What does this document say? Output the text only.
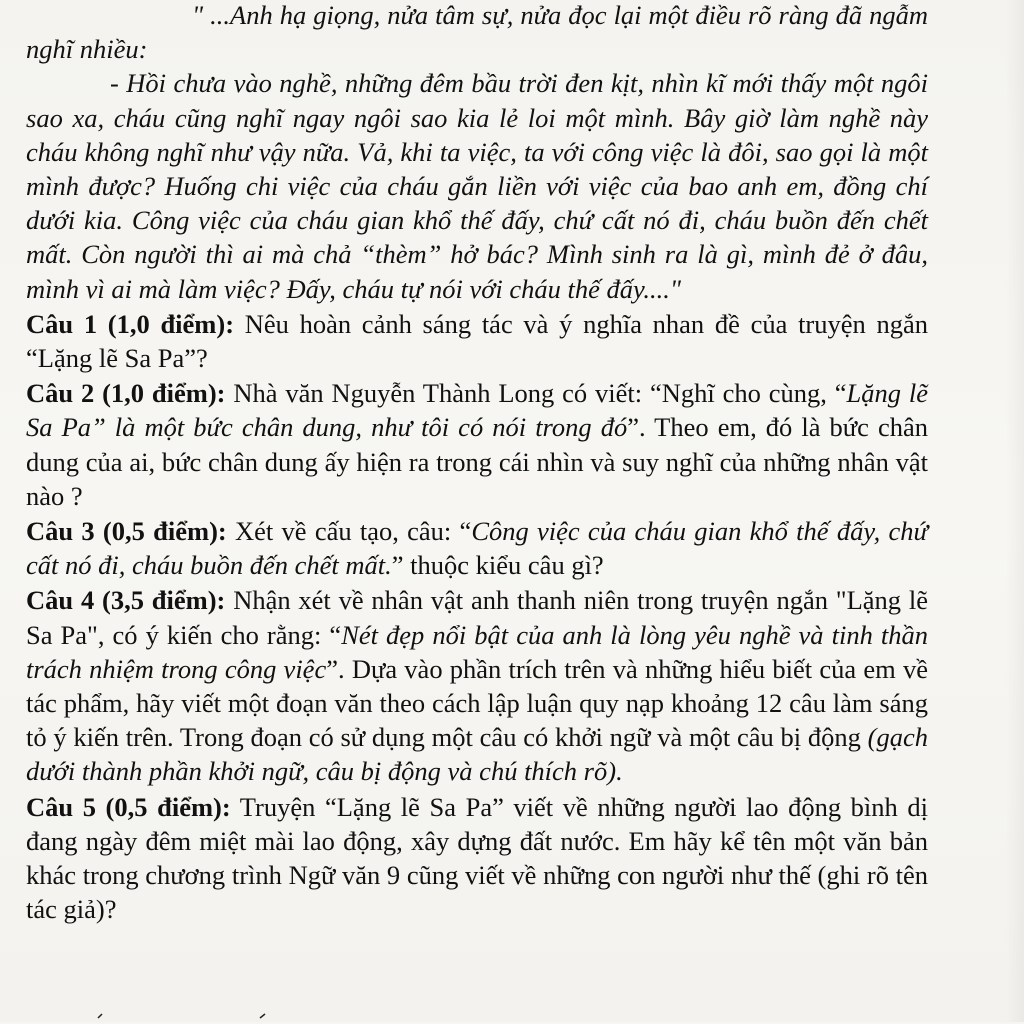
" ...Anh hạ giọng, nửa tâm sự, nửa đọc lại một điều rõ ràng đã ngẫm nghĩ nhiều:

- Hồi chưa vào nghề, những đêm bầu trời đen kịt, nhìn kĩ mới thấy một ngôi sao xa, cháu cũng nghĩ ngay ngôi sao kia lẻ loi một mình. Bây giờ làm nghề này cháu không nghĩ như vậy nữa. Vả, khi ta việc, ta với công việc là đôi, sao gọi là một mình được? Huống chi việc của cháu gắn liền với việc của bao anh em, đồng chí dưới kia. Công việc của cháu gian khổ thế đấy, chứ cất nó đi, cháu buồn đến chết mất. Còn người thì ai mà chả “thèm” hở bác? Mình sinh ra là gì, mình đẻ ở đâu, mình vì ai mà làm việc? Đấy, cháu tự nói với cháu thế đấy...."

Câu 1 (1,0 điểm): Nêu hoàn cảnh sáng tác và ý nghĩa nhan đề của truyện ngắn “Lặng lẽ Sa Pa”?

Câu 2 (1,0 điểm): Nhà văn Nguyễn Thành Long có viết: “Nghĩ cho cùng, “Lặng lẽ Sa Pa” là một bức chân dung, như tôi có nói trong đó”. Theo em, đó là bức chân dung của ai, bức chân dung ấy hiện ra trong cái nhìn và suy nghĩ của những nhân vật nào ?

Câu 3 (0,5 điểm): Xét về cấu tạo, câu: “Công việc của cháu gian khổ thế đấy, chứ cất nó đi, cháu buồn đến chết mất.” thuộc kiểu câu gì?

Câu 4 (3,5 điểm): Nhận xét về nhân vật anh thanh niên trong truyện ngắn "Lặng lẽ Sa Pa", có ý kiến cho rằng: “Nét đẹp nổi bật của anh là lòng yêu nghề và tinh thần trách nhiệm trong công việc”. Dựa vào phần trích trên và những hiểu biết của em về tác phẩm, hãy viết một đoạn văn theo cách lập luận quy nạp khoảng 12 câu làm sáng tỏ ý kiến trên. Trong đoạn có sử dụng một câu có khởi ngữ và một câu bị động (gạch dưới thành phần khởi ngữ, câu bị động và chú thích rõ).

Câu 5 (0,5 điểm): Truyện “Lặng lẽ Sa Pa” viết về những người lao động bình dị đang ngày đêm miệt mài lao động, xây dựng đất nước. Em hãy kể tên một văn bản khác trong chương trình Ngữ văn 9 cũng viết về những con người như thế (ghi rõ tên tác giả)?
